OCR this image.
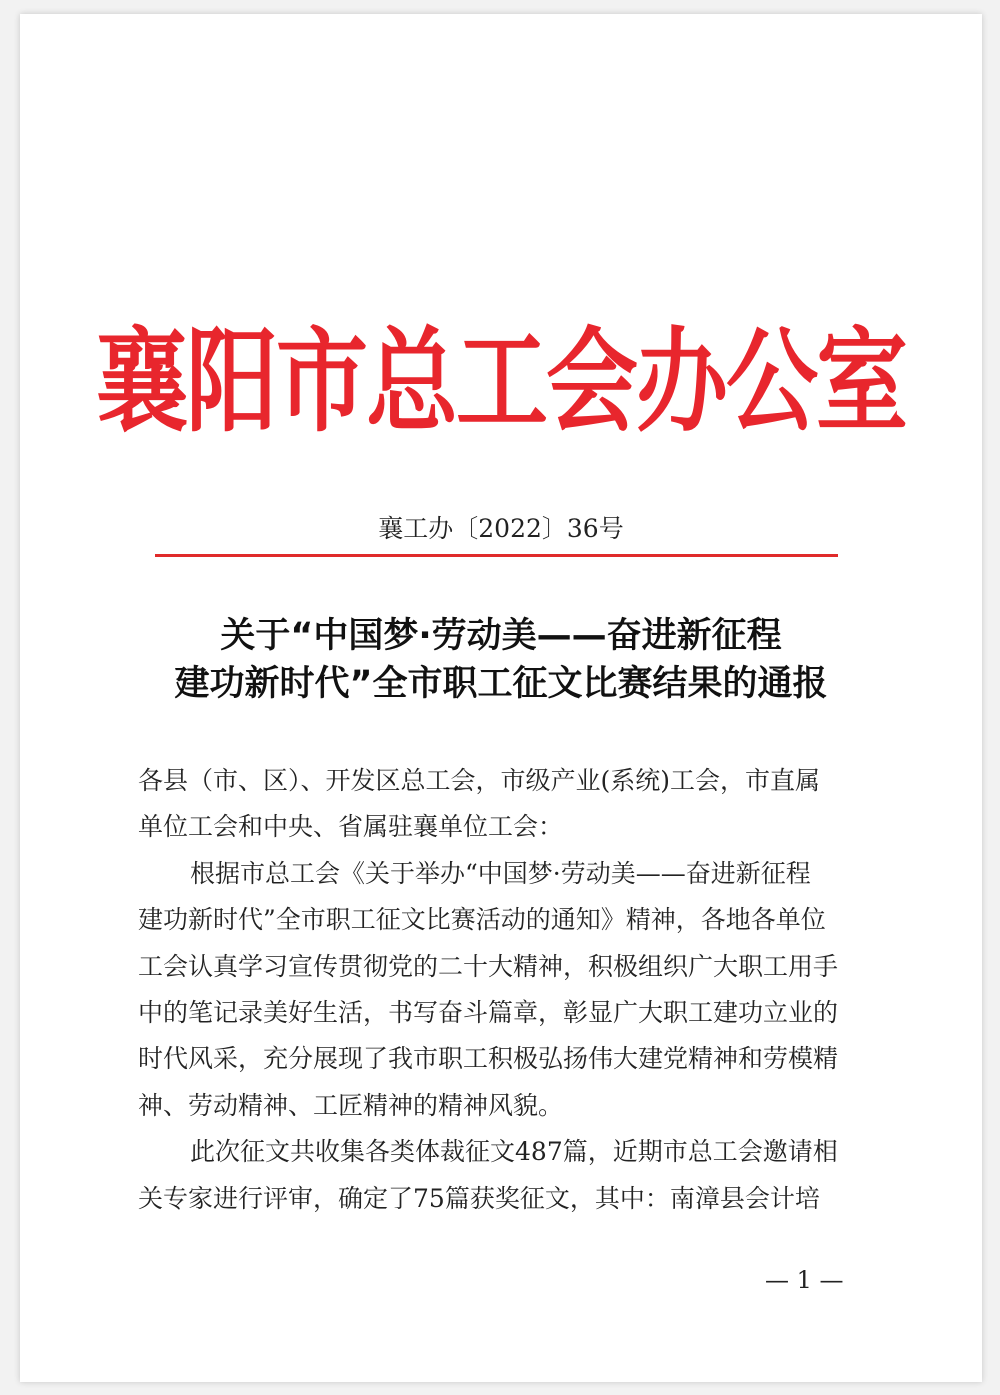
襄阳市总工会办公室
襄工办〔2022〕36号
关于“中国梦·劳动美——奋进新征程
建功新时代”全市职工征文比赛结果的通报
各县（市、区）、开发区总工会，市级产业(系统)工会，市直属
单位工会和中央、省属驻襄单位工会：
根据市总工会《关于举办“中国梦·劳动美——奋进新征程
建功新时代”全市职工征文比赛活动的通知》精神，各地各单位
工会认真学习宣传贯彻党的二十大精神，积极组织广大职工用手
中的笔记录美好生活，书写奋斗篇章，彰显广大职工建功立业的
时代风采，充分展现了我市职工积极弘扬伟大建党精神和劳模精
神、劳动精神、工匠精神的精神风貌。
此次征文共收集各类体裁征文487篇，近期市总工会邀请相
关专家进行评审，确定了75篇获奖征文，其中：南漳县会计培
— 1 —
